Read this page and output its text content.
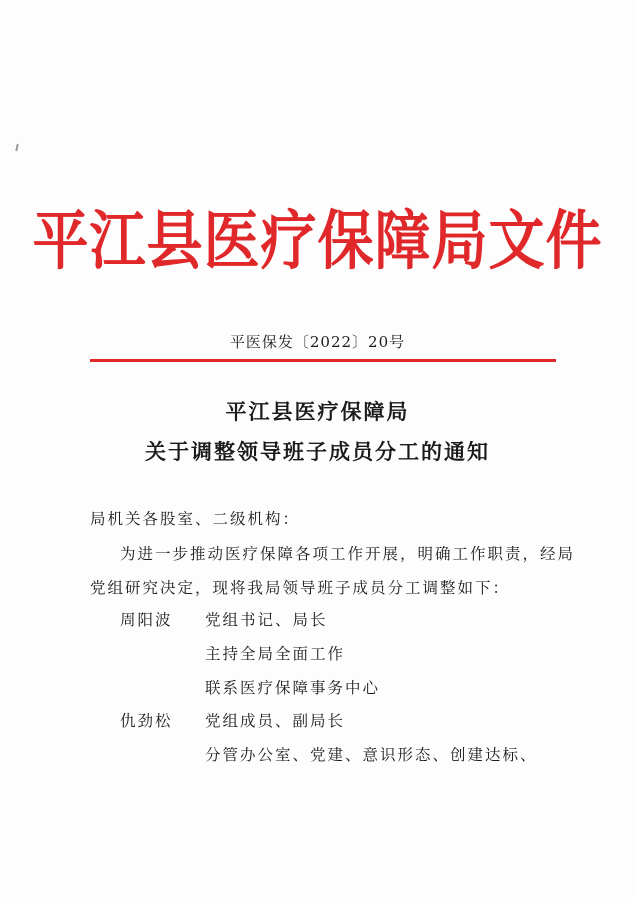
平江县医疗保障局文件
平医保发〔2022〕20号
平江县医疗保障局
关于调整领导班子成员分工的通知
局机关各股室、二级机构：
为进一步推动医疗保障各项工作开展，明确工作职责，经局
党组研究决定，现将我局领导班子成员分工调整如下：
周阳波 党组书记、局长
主持全局全面工作
联系医疗保障事务中心
仇劲松 党组成员、副局长
分管办公室、党建、意识形态、创建达标、
